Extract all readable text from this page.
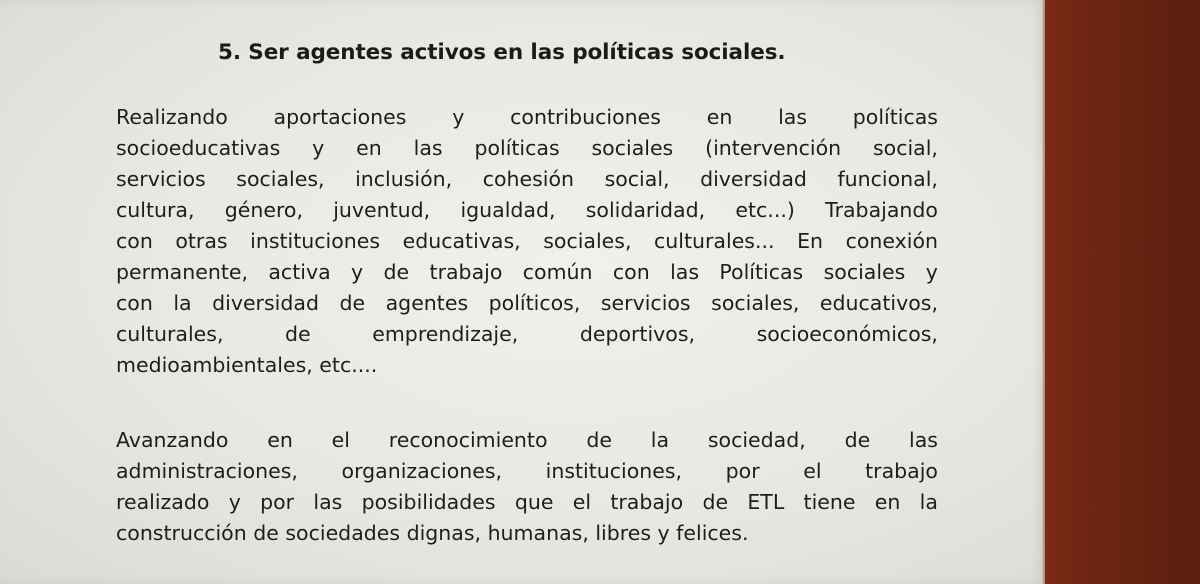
5. Ser agentes activos en las políticas sociales.
Realizando aportaciones y contribuciones en las políticas
socioeducativas y en las políticas sociales (intervención social,
servicios sociales, inclusión, cohesión social, diversidad funcional,
cultura, género, juventud, igualdad, solidaridad, etc...) Trabajando
con otras instituciones educativas, sociales, culturales... En conexión
permanente, activa y de trabajo común con las Políticas sociales y
con la diversidad de agentes políticos, servicios sociales, educativos,
culturales,	de	emprendizaje,	deportivos,	socioeconómicos,
medioambientales, etc....
Avanzando en el reconocimiento de la sociedad, de las
administraciones, organizaciones, instituciones, por el trabajo
realizado y por las posibilidades que el trabajo de ETL tiene en la
construcción de sociedades dignas, humanas, libres y felices.
